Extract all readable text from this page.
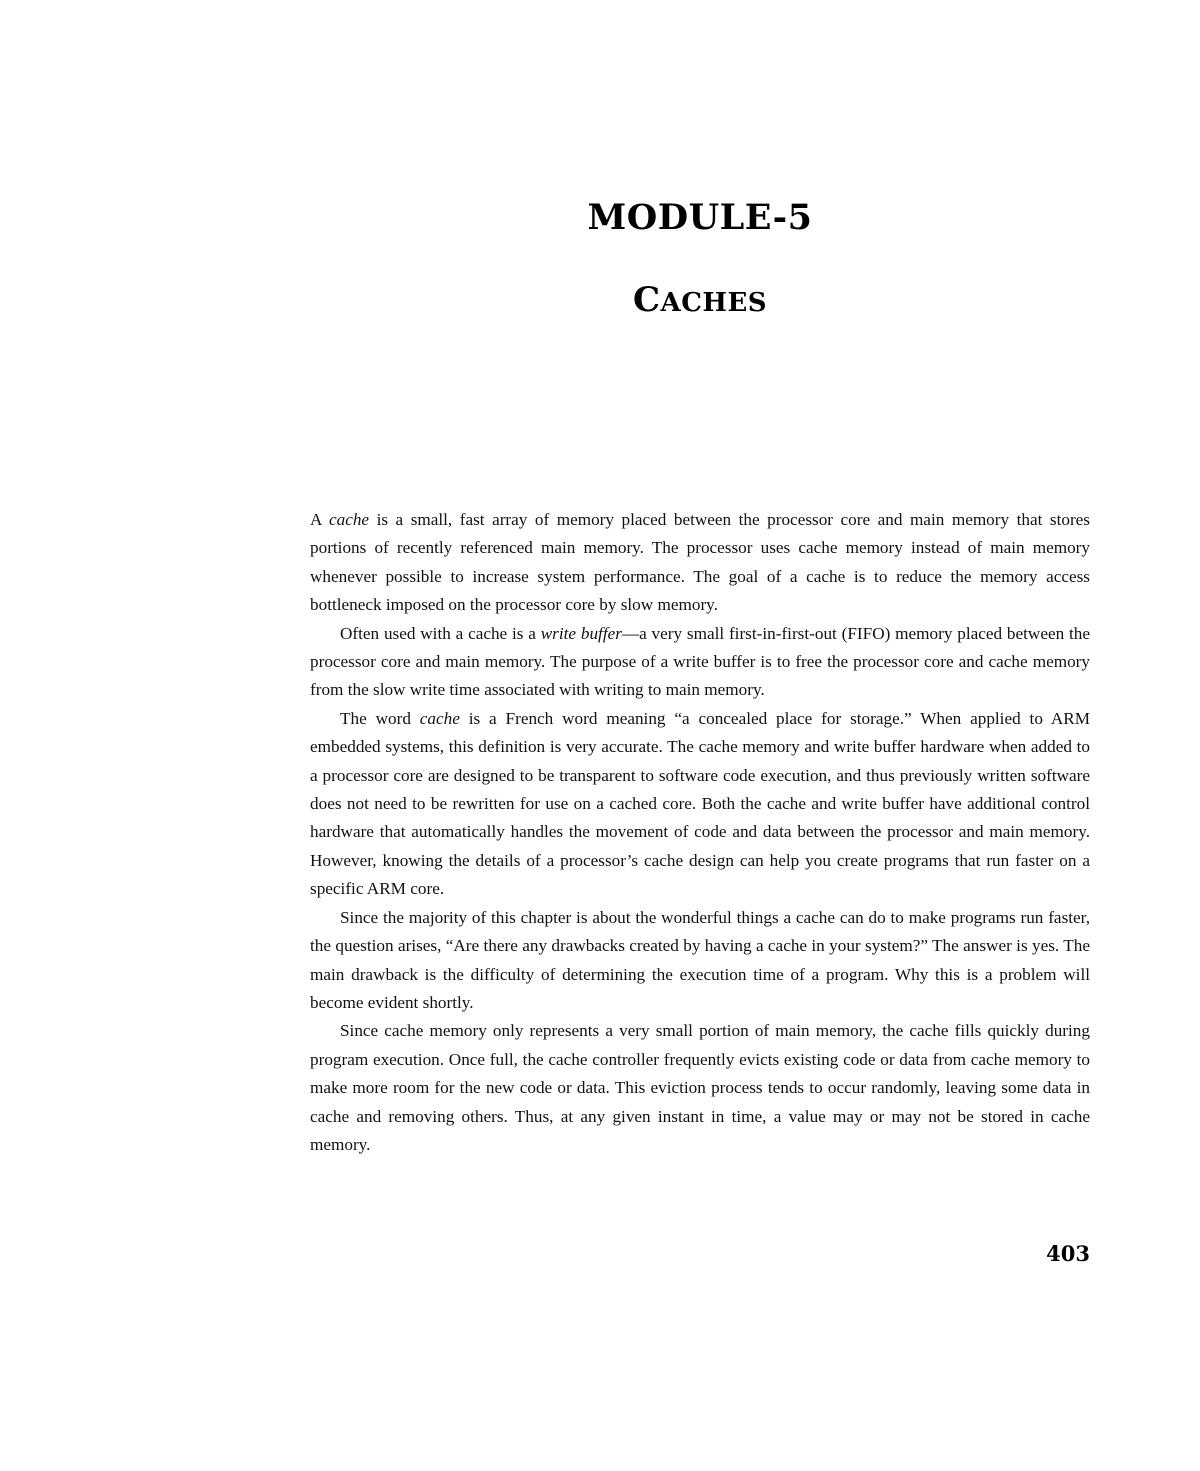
MODULE-5
CACHES

A cache is a small, fast array of memory placed between the processor core and main memory that stores portions of recently referenced main memory. The processor uses cache memory instead of main memory whenever possible to increase system performance. The goal of a cache is to reduce the memory access bottleneck imposed on the processor core by slow memory.

Often used with a cache is a write buffer—a very small first-in-first-out (FIFO) memory placed between the processor core and main memory. The purpose of a write buffer is to free the processor core and cache memory from the slow write time associated with writing to main memory.

The word cache is a French word meaning “a concealed place for storage.” When applied to ARM embedded systems, this definition is very accurate. The cache memory and write buffer hardware when added to a processor core are designed to be transparent to software code execution, and thus previously written software does not need to be rewritten for use on a cached core. Both the cache and write buffer have additional control hardware that automatically handles the movement of code and data between the processor and main memory. However, knowing the details of a processor’s cache design can help you create programs that run faster on a specific ARM core.

Since the majority of this chapter is about the wonderful things a cache can do to make programs run faster, the question arises, “Are there any drawbacks created by having a cache in your system?” The answer is yes. The main drawback is the difficulty of determining the execution time of a program. Why this is a problem will become evident shortly.

Since cache memory only represents a very small portion of main memory, the cache fills quickly during program execution. Once full, the cache controller frequently evicts existing code or data from cache memory to make more room for the new code or data. This eviction process tends to occur randomly, leaving some data in cache and removing others. Thus, at any given instant in time, a value may or may not be stored in cache memory.

403
